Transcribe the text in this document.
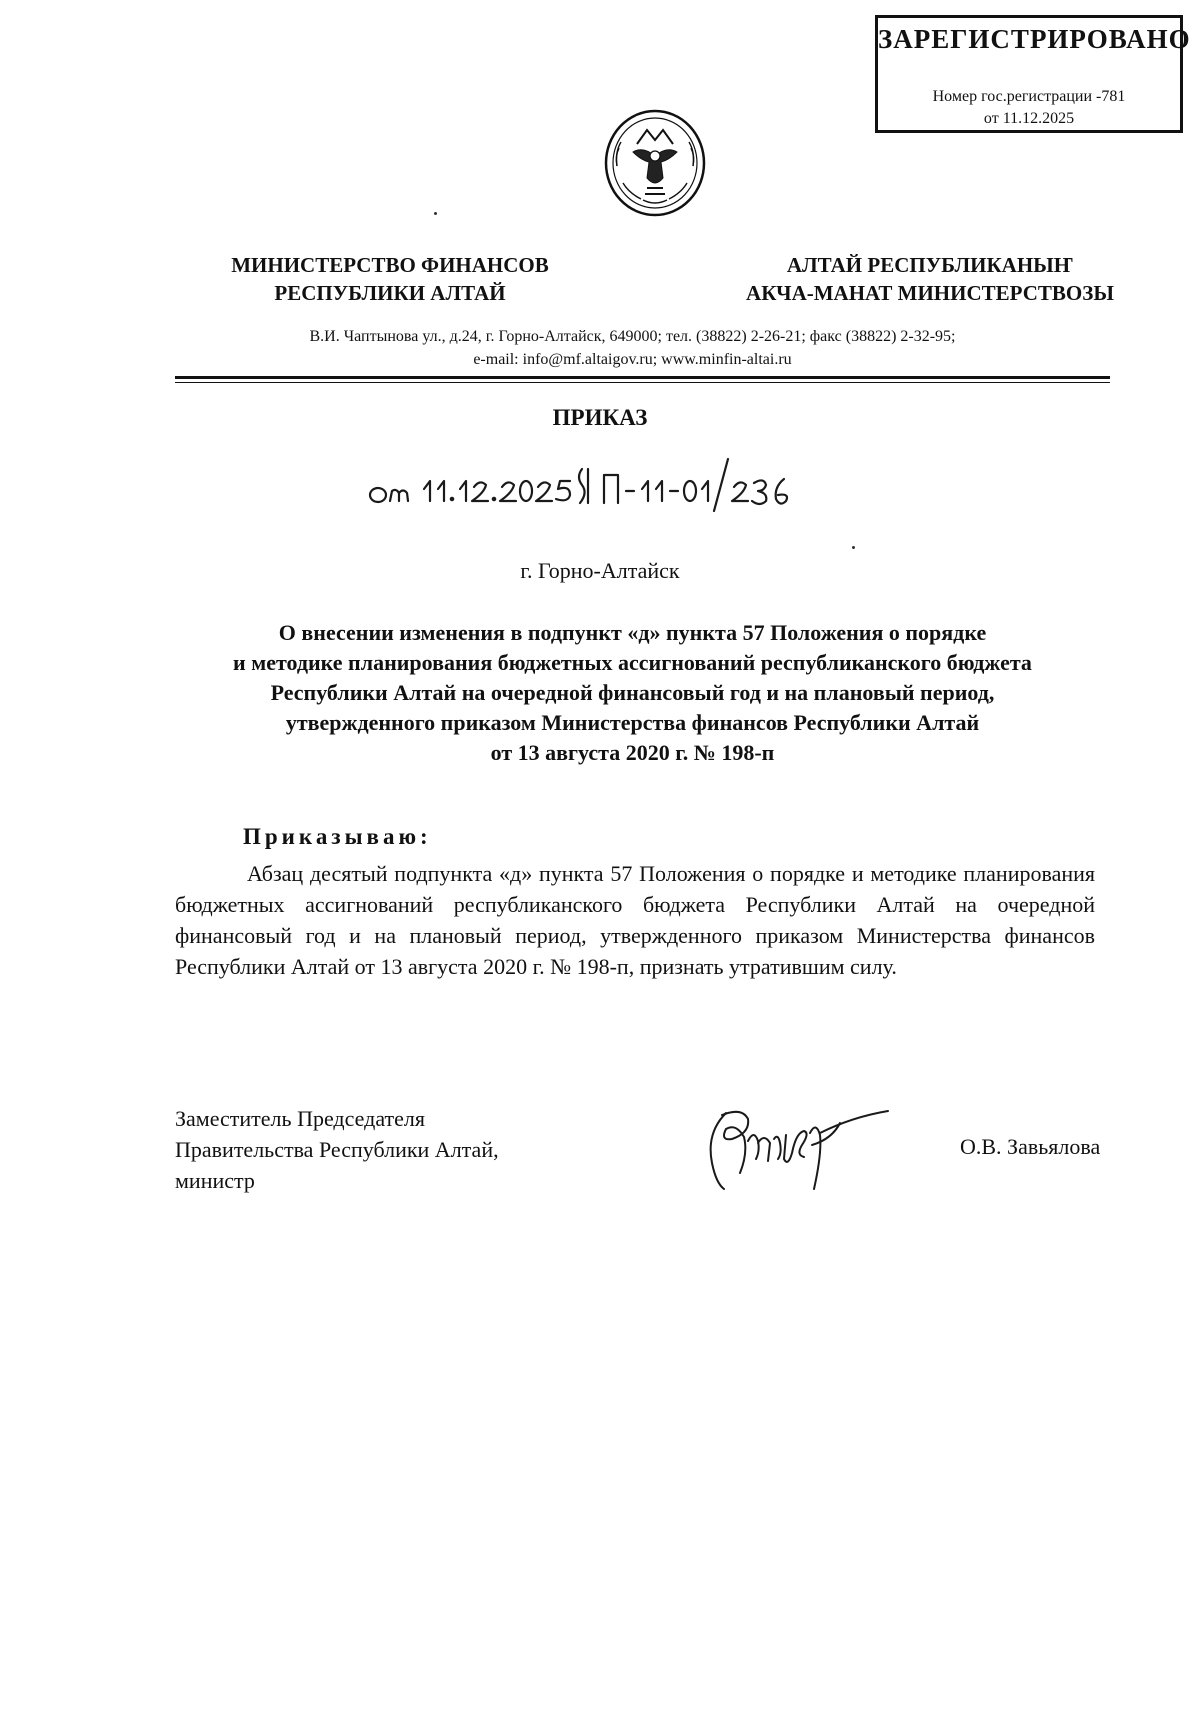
ЗАРЕГИСТРИРОВАНО
Номер гос.регистрации -781
от 11.12.2025
МИНИСТЕРСТВО ФИНАНСОВ
РЕСПУБЛИКИ АЛТАЙ
АЛТАЙ РЕСПУБЛИКАНЫҤ
АКЧА-МАНАТ МИНИСТЕРСТВОЗЫ
В.И. Чаптынова ул., д.24, г. Горно-Алтайск, 649000; тел. (38822) 2-26-21; факс (38822) 2-32-95;
e-mail: info@mf.altaigov.ru; www.minfin-altai.ru
ПРИКАЗ
г. Горно-Алтайск
О внесении изменения в подпункт «д» пункта 57 Положения о порядке
и методике планирования бюджетных ассигнований республиканского бюджета
Республики Алтай на очередной финансовый год и на плановый период,
утвержденного приказом Министерства финансов Республики Алтай
от 13 августа 2020 г. № 198-п
Приказываю:
Абзац десятый подпункта «д» пункта 57 Положения о порядке и методике планирования бюджетных ассигнований республиканского бюджета Республики Алтай на очередной финансовый год и на плановый период, утвержденного приказом Министерства финансов Республики Алтай от 13 августа 2020 г. № 198-п, признать утратившим силу.
Заместитель Председателя
Правительства Республики Алтай,
министр
О.В. Завьялова
